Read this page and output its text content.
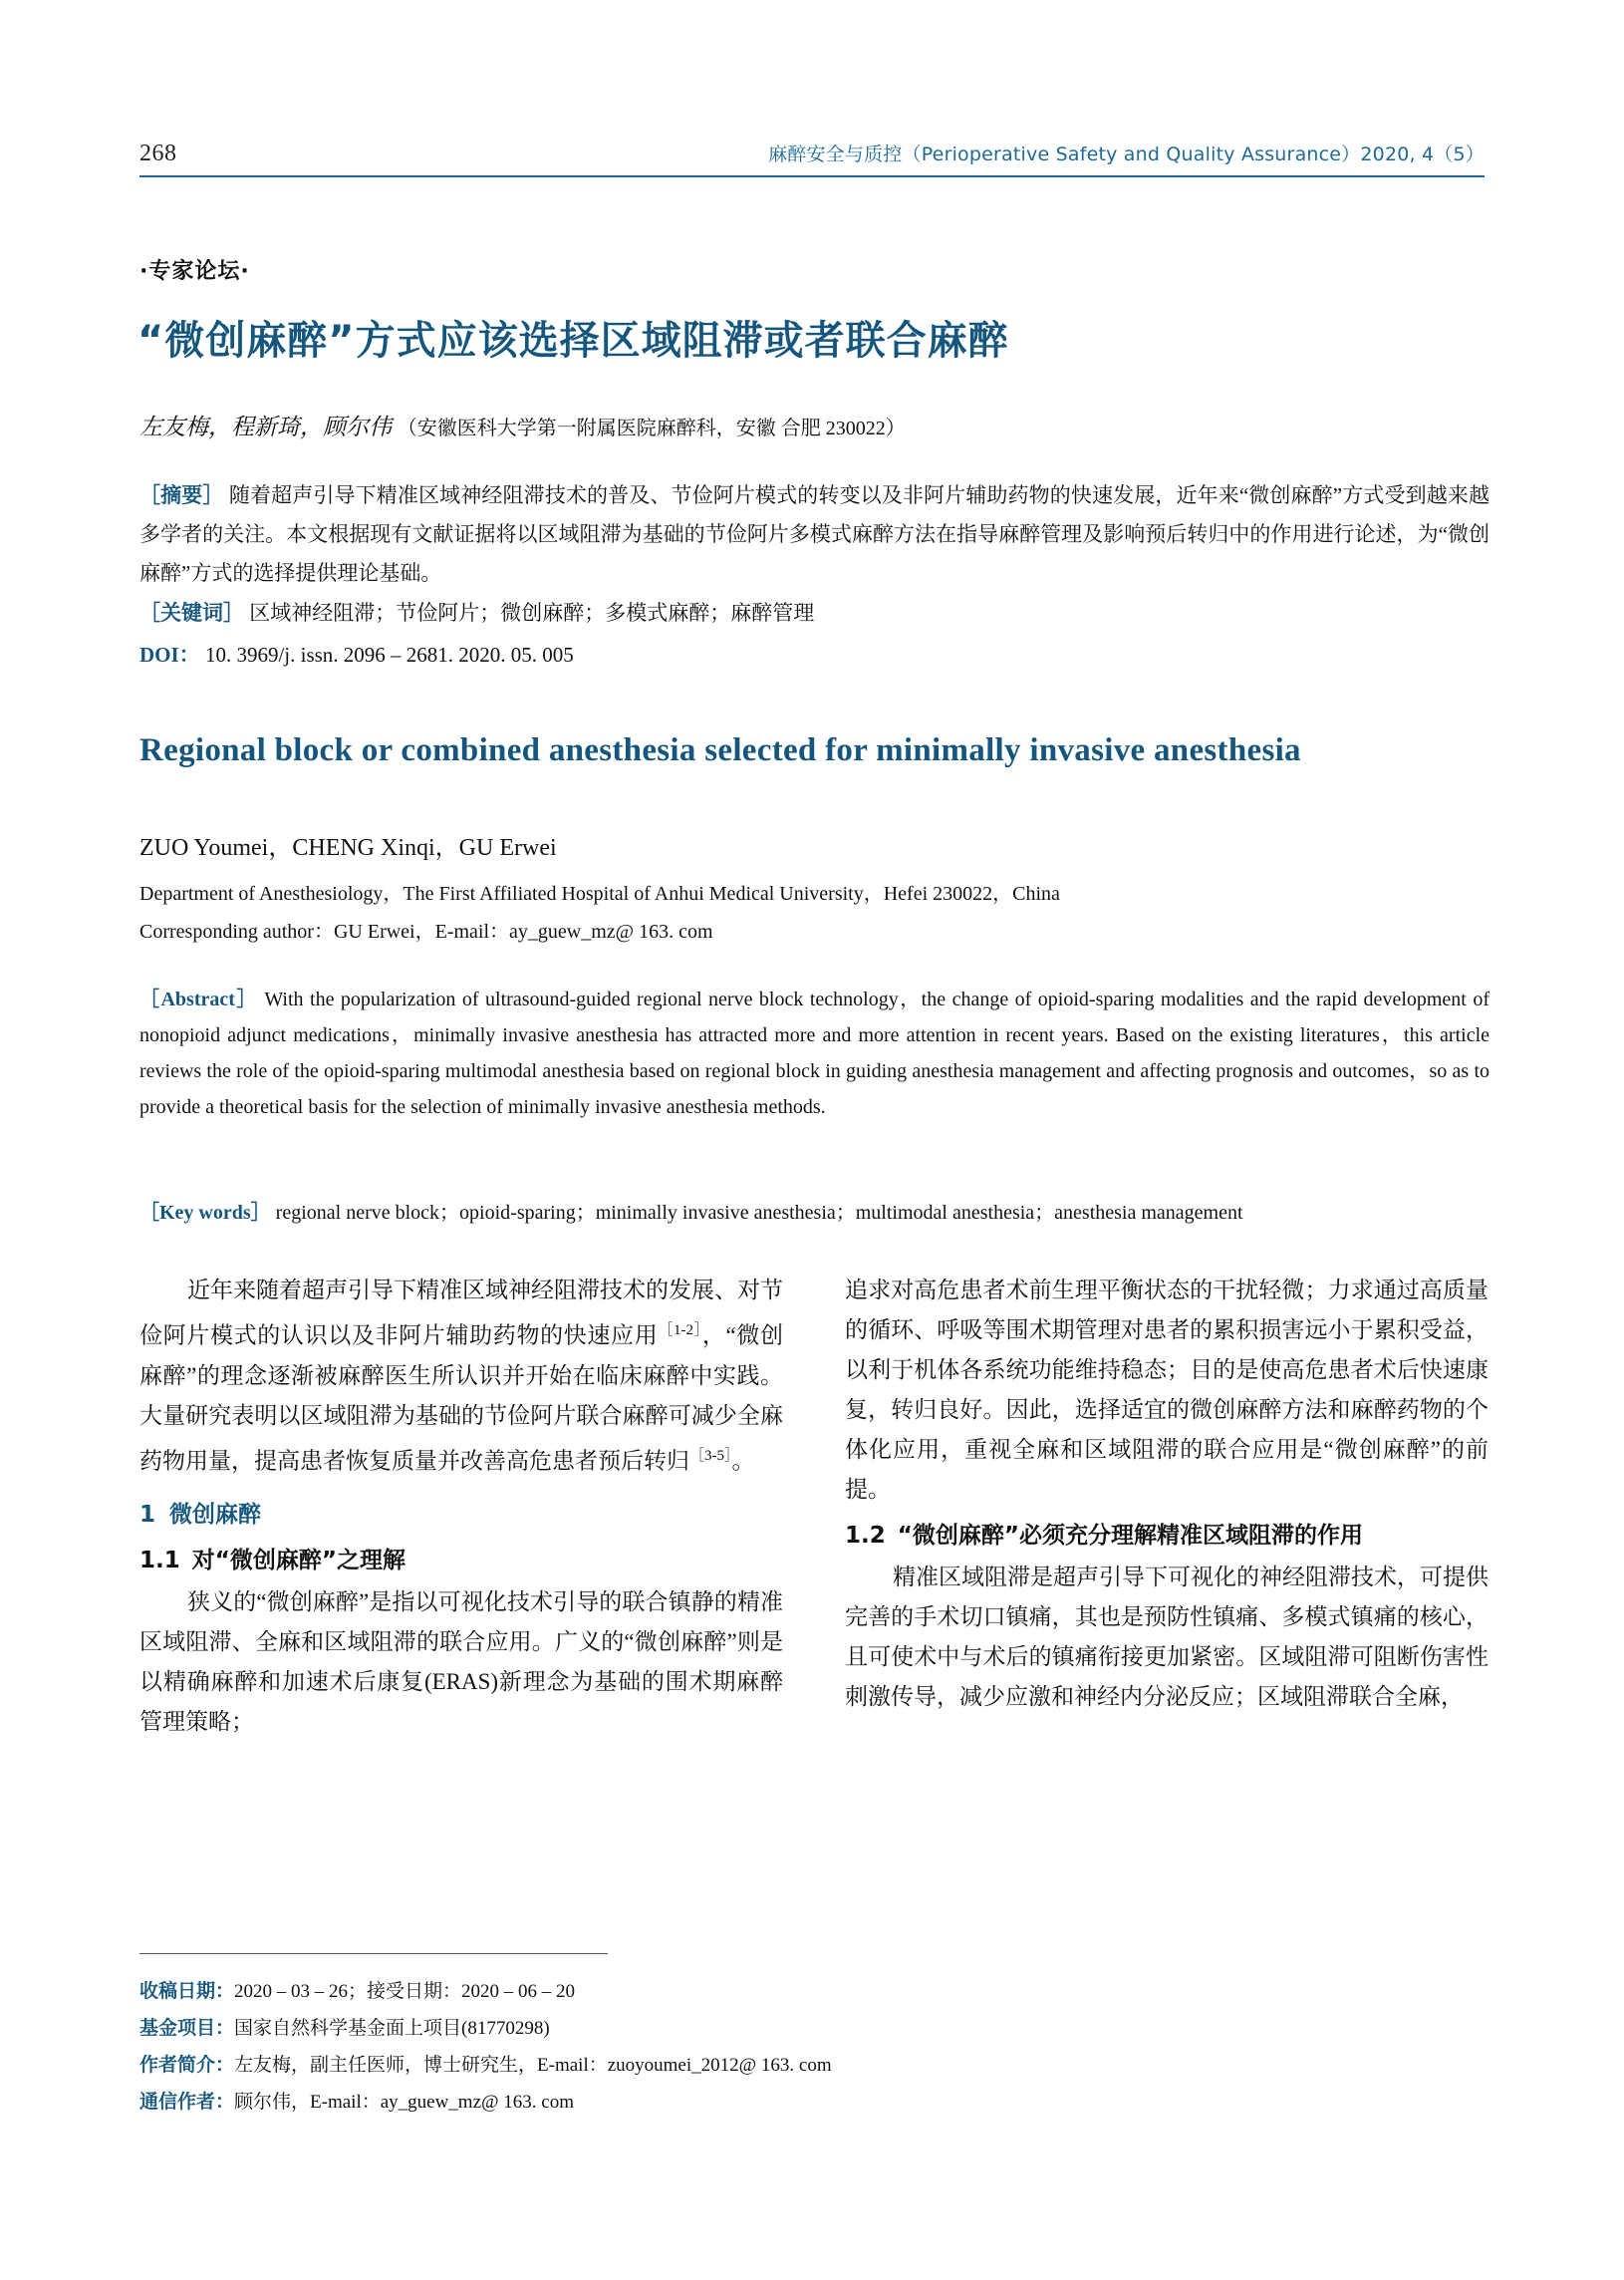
268	麻醉安全与质控（Perioperative Safety and Quality Assurance）2020, 4（5）
·专家论坛·
“微创麻醉”方式应该选择区域阻滞或者联合麻醉
左友梅，程新琦，顾尔伟 （安徽医科大学第一附属医院麻醉科，安徽 合肥 230022）
［摘要］ 随着超声引导下精准区域神经阻滞技术的普及、节俭阿片模式的转变以及非阿片辅助药物的快速发展，近年来“微创麻醉”方式受到越来越多学者的关注。本文根据现有文献证据将以区域阻滞为基础的节俭阿片多模式麻醉方法在指导麻醉管理及影响预后转归中的作用进行论述，为“微创麻醉”方式的选择提供理论基础。
［关键词］ 区域神经阻滞；节俭阿片；微创麻醉；多模式麻醉；麻醉管理
DOI： 10. 3969/j. issn. 2096 – 2681. 2020. 05. 005
Regional block or combined anesthesia selected for minimally invasive anesthesia
ZUO Youmei，CHENG Xinqi，GU Erwei
Department of Anesthesiology，The First Affiliated Hospital of Anhui Medical University，Hefei 230022，China
Corresponding author：GU Erwei，E-mail：ay_guew_mz@ 163. com
［Abstract］ With the popularization of ultrasound-guided regional nerve block technology，the change of opioid-sparing modalities and the rapid development of nonopioid adjunct medications，minimally invasive anesthesia has attracted more and more attention in recent years. Based on the existing literatures，this article reviews the role of the opioid-sparing multimodal anesthesia based on regional block in guiding anesthesia management and affecting prognosis and outcomes，so as to provide a theoretical basis for the selection of minimally invasive anesthesia methods.
［Key words］ regional nerve block；opioid-sparing；minimally invasive anesthesia；multimodal anesthesia；anesthesia management

近年来随着超声引导下精准区域神经阻滞技术的发展、对节俭阿片模式的认识以及非阿片辅助药物的快速应用$^{[1-2]}$，“微创麻醉”的理念逐渐被麻醉医生所认识并开始在临床麻醉中实践。大量研究表明以区域阻滞为基础的节俭阿片联合麻醉可减少全麻药物用量，提高患者恢复质量并改善高危患者预后转归$^{[3-5]}$。

1 微创麻醉
1.1 对“微创麻醉”之理解

狭义的“微创麻醉”是指以可视化技术引导的联合镇静的精准区域阻滞、全麻和区域阻滞的联合应用。广义的“微创麻醉”则是以精确麻醉和加速术后康复(ERAS)新理念为基础的围术期麻醉管理策略；

追求对高危患者术前生理平衡状态的干扰轻微；力求通过高质量的循环、呼吸等围术期管理对患者的累积损害远小于累积受益，以利于机体各系统功能维持稳态；目的是使高危患者术后快速康复，转归良好。因此，选择适宜的微创麻醉方法和麻醉药物的个体化应用，重视全麻和区域阻滞的联合应用是“微创麻醉”的前提。

1.2 “微创麻醉”必须充分理解精准区域阻滞的作用

精准区域阻滞是超声引导下可视化的神经阻滞技术，可提供完善的手术切口镇痛，其也是预防性镇痛、多模式镇痛的核心，且可使术中与术后的镇痛衔接更加紧密。区域阻滞可阻断伤害性刺激传导，减少应激和神经内分泌反应；区域阻滞联合全麻，

收稿日期：2020 – 03 – 26；接受日期：2020 – 06 – 20
基金项目：国家自然科学基金面上项目(81770298)
作者简介：左友梅，副主任医师，博士研究生，E-mail：zuoyoumei_2012@ 163. com
通信作者：顾尔伟，E-mail：ay_guew_mz@ 163. com
